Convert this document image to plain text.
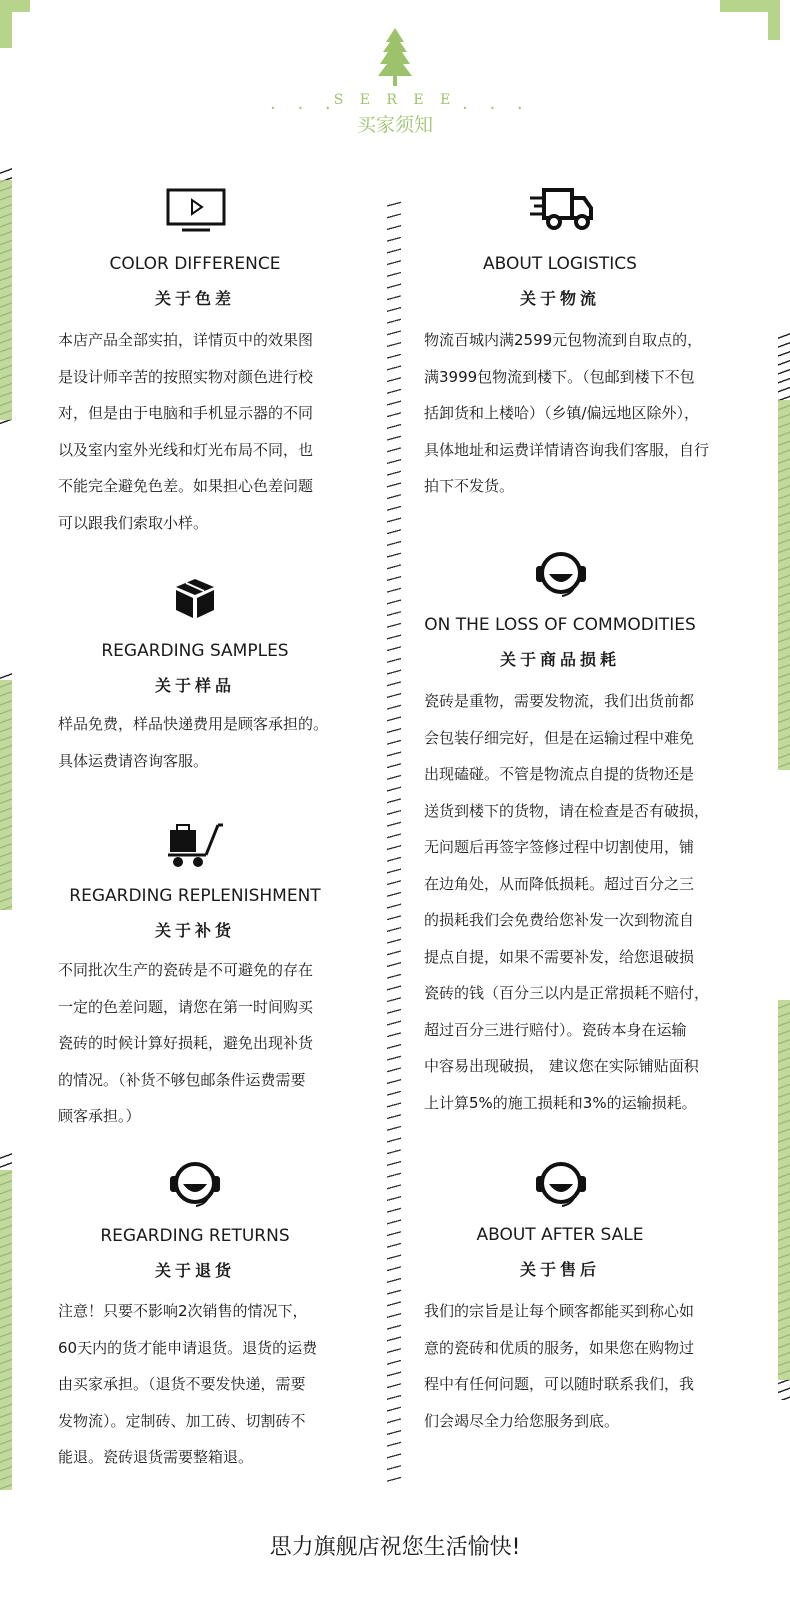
· · ·
S E R E E
买家须知
· · ·
COLOR DIFFERENCE
关于色差

本店产品全部实拍，详情页中的效果图

是设计师辛苦的按照实物对颜色进行校

对，但是由于电脑和手机显示器的不同

以及室内室外光线和灯光布局不同，也

不能完全避免色差。如果担心色差问题

可以跟我们索取小样。

REGARDING SAMPLES
关于样品

样品免费，样品快递费用是顾客承担的。

具体运费请咨询客服。

REGARDING REPLENISHMENT
关于补货

不同批次生产的瓷砖是不可避免的存在

一定的色差问题，请您在第一时间购买

瓷砖的时候计算好损耗，避免出现补货

的情况。（补货不够包邮条件运费需要

顾客承担。）

REGARDING RETURNS
关于退货

注意！只要不影响2次销售的情况下，

60天内的货才能申请退货。退货的运费

由买家承担。（退货不要发快递，需要

发物流）。定制砖、加工砖、切割砖不

能退。瓷砖退货需要整箱退。

ABOUT LOGISTICS
关于物流

物流百城内满2599元包物流到自取点的，

满3999包物流到楼下。（包邮到楼下不包

括卸货和上楼哈）（乡镇/偏远地区除外），

具体地址和运费详情请咨询我们客服，自行

拍下不发货。

ON THE LOSS OF COMMODITIES
关于商品损耗

瓷砖是重物，需要发物流，我们出货前都

会包装仔细完好，但是在运输过程中难免

出现磕碰。不管是物流点自提的货物还是

送货到楼下的货物，请在检查是否有破损，

无问题后再签字签修过程中切割使用，铺

在边角处，从而降低损耗。超过百分之三

的损耗我们会免费给您补发一次到物流自

提点自提，如果不需要补发，给您退破损

瓷砖的钱（百分三以内是正常损耗不赔付，

超过百分三进行赔付）。瓷砖本身在运输

中容易出现破损， 建议您在实际铺贴面积

上计算5%的施工损耗和3%的运输损耗。

ABOUT AFTER SALE
关于售后

我们的宗旨是让每个顾客都能买到称心如

意的瓷砖和优质的服务，如果您在购物过

程中有任何问题，可以随时联系我们，我

们会竭尽全力给您服务到底。

思力旗舰店祝您生活愉快!
